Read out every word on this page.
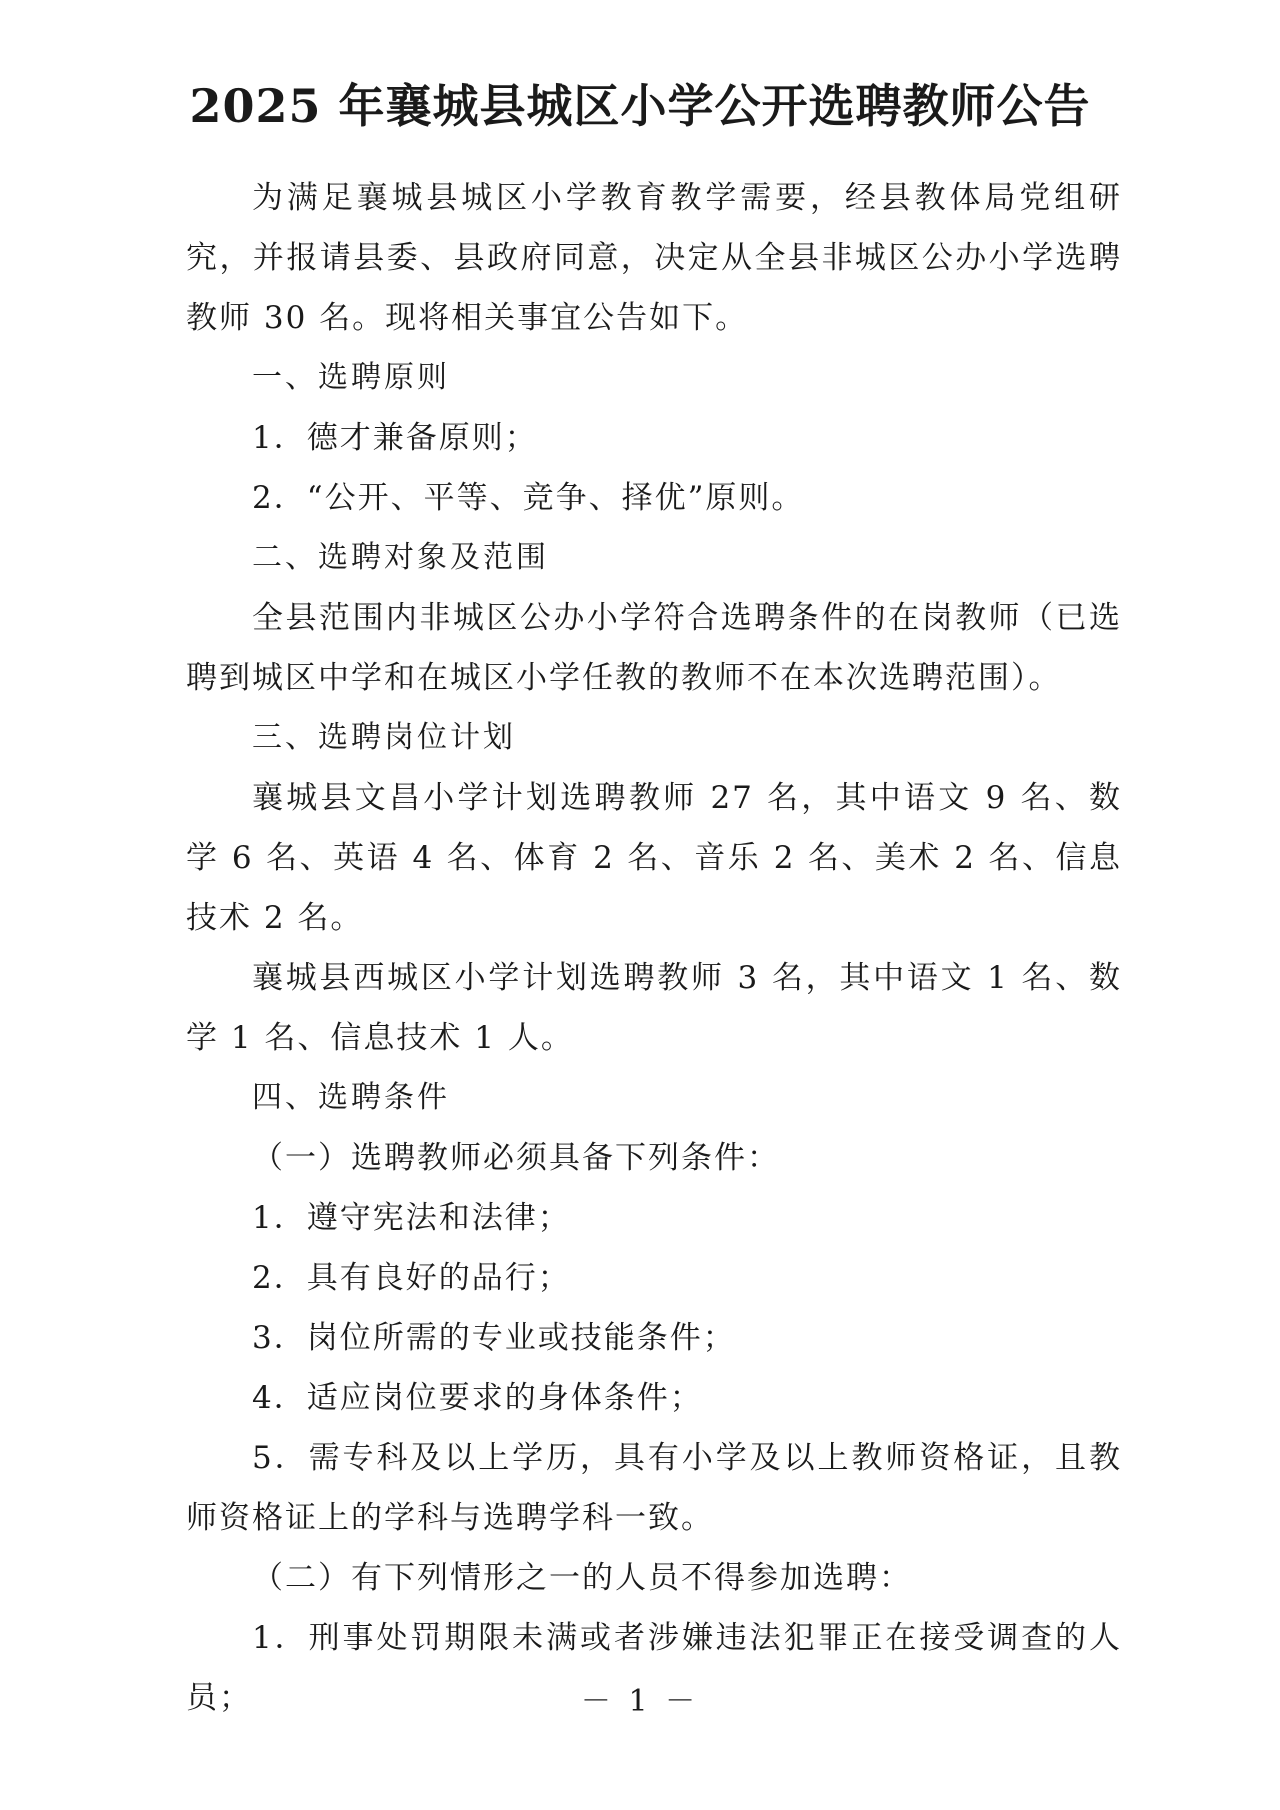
2025 年襄城县城区小学公开选聘教师公告

为满足襄城县城区小学教育教学需要，经县教体局党组研究，并报请县委、县政府同意，决定从全县非城区公办小学选聘教师 30 名。现将相关事宜公告如下。

一、选聘原则

1．德才兼备原则；

2．“公开、平等、竞争、择优”原则。

二、选聘对象及范围

全县范围内非城区公办小学符合选聘条件的在岗教师（已选聘到城区中学和在城区小学任教的教师不在本次选聘范围）。

三、选聘岗位计划

襄城县文昌小学计划选聘教师 27 名，其中语文 9 名、数学 6 名、英语 4 名、体育 2 名、音乐 2 名、美术 2 名、信息技术 2 名。

襄城县西城区小学计划选聘教师 3 名，其中语文 1 名、数学 1 名、信息技术 1 人。

四、选聘条件

（一）选聘教师必须具备下列条件：

1．遵守宪法和法律；

2．具有良好的品行；

3．岗位所需的专业或技能条件；

4．适应岗位要求的身体条件；

5．需专科及以上学历，具有小学及以上教师资格证，且教师资格证上的学科与选聘学科一致。

（二）有下列情形之一的人员不得参加选聘：

1．刑事处罚期限未满或者涉嫌违法犯罪正在接受调查的人员；	－ 1 －
